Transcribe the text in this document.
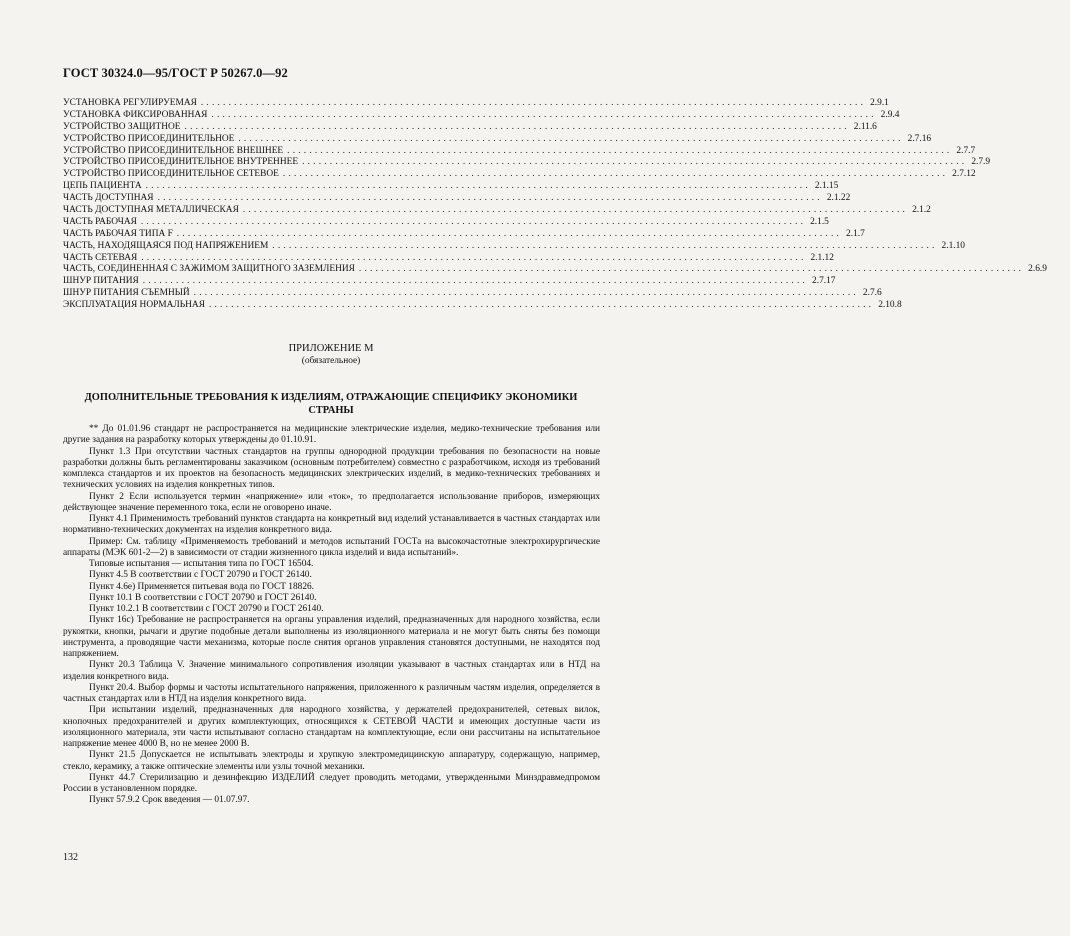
ГОСТ 30324.0—95/ГОСТ Р 50267.0—92
УСТАНОВКА РЕГУЛИРУЕМАЯ ........................................................................................................................ 2.9.1
УСТАНОВКА ФИКСИРОВАННАЯ ........................................................................................................................ 2.9.4
УСТРОЙСТВО ЗАЩИТНОЕ ........................................................................................................................ 2.11.6
УСТРОЙСТВО ПРИСОЕДИНИТЕЛЬНОЕ ........................................................................................................................ 2.7.16
УСТРОЙСТВО ПРИСОЕДИНИТЕЛЬНОЕ ВНЕШНЕЕ ........................................................................................................................ 2.7.7
УСТРОЙСТВО ПРИСОЕДИНИТЕЛЬНОЕ ВНУТРЕННЕЕ ........................................................................................................................ 2.7.9
УСТРОЙСТВО ПРИСОЕДИНИТЕЛЬНОЕ СЕТЕВОЕ ........................................................................................................................ 2.7.12
ЦЕПЬ ПАЦИЕНТА ........................................................................................................................ 2.1.15
ЧАСТЬ ДОСТУПНАЯ ........................................................................................................................ 2.1.22
ЧАСТЬ ДОСТУПНАЯ МЕТАЛЛИЧЕСКАЯ ........................................................................................................................ 2.1.2
ЧАСТЬ РАБОЧАЯ ........................................................................................................................ 2.1.5
ЧАСТЬ РАБОЧАЯ ТИПА F ........................................................................................................................ 2.1.7
ЧАСТЬ, НАХОДЯЩАЯСЯ ПОД НАПРЯЖЕНИЕМ ........................................................................................................................ 2.1.10
ЧАСТЬ СЕТЕВАЯ ........................................................................................................................ 2.1.12
ЧАСТЬ, СОЕДИНЕННАЯ С ЗАЖИМОМ ЗАЩИТНОГО ЗАЗЕМЛЕНИЯ ........................................................................................................................ 2.6.9
ШНУР ПИТАНИЯ ........................................................................................................................ 2.7.17
ШНУР ПИТАНИЯ СЪЕМНЫЙ ........................................................................................................................ 2.7.6
ЭКСПЛУАТАЦИЯ НОРМАЛЬНАЯ ........................................................................................................................ 2.10.8
ПРИЛОЖЕНИЕ М
(обязательное)
ДОПОЛНИТЕЛЬНЫЕ ТРЕБОВАНИЯ К ИЗДЕЛИЯМ, ОТРАЖАЮЩИЕ СПЕЦИФИКУ ЭКОНОМИКИ СТРАНЫ

** До 01.01.96 стандарт не распространяется на медицинские электрические изделия, медико-технические требования или другие задания на разработку которых утверждены до 01.10.91.

Пункт 1.3 При отсутствии частных стандартов на группы однородной продукции требования по безопасности на новые разработки должны быть регламентированы заказчиком (основным потребителем) совместно с разработчиком, исходя из требований комплекса стандартов и их проектов на безопасность медицинских электрических изделий, в медико-технических требованиях и технических условиях на изделия конкретных типов.

Пункт 2 Если используется термин «напряжение» или «ток», то предполагается использование приборов, измеряющих действующее значение переменного тока, если не оговорено иначе.

Пункт 4.1 Применимость требований пунктов стандарта на конкретный вид изделий устанавливается в частных стандартах или нормативно-технических документах на изделия конкретного вида.

Пример: См. таблицу «Применяемость требований и методов испытаний ГОСТа на высокочастотные электрохирургические аппараты (МЭК 601-2—2) в зависимости от стадии жизненного цикла изделий и вида испытаний».

Типовые испытания — испытания типа по ГОСТ 16504.

Пункт 4.5 В соответствии с ГОСТ 20790 и ГОСТ 26140.

Пункт 4.6е) Применяется питьевая вода по ГОСТ 18826.

Пункт 10.1 В соответствии с ГОСТ 20790 и ГОСТ 26140.

Пункт 10.2.1 В соответствии с ГОСТ 20790 и ГОСТ 26140.

Пункт 16с) Требование не распространяется на органы управления изделий, предназначенных для народного хозяйства, если рукоятки, кнопки, рычаги и другие подобные детали выполнены из изоляционного материала и не могут быть сняты без помощи инструмента, а проводящие части механизма, которые после снятия органов управления становятся доступными, не находятся под напряжением.

Пункт 20.3 Таблица V. Значение минимального сопротивления изоляции указывают в частных стандартах или в НТД на изделия конкретного вида.

Пункт 20.4. Выбор формы и частоты испытательного напряжения, приложенного к различным частям изделия, определяется в частных стандартах или в НТД на изделия конкретного вида.

При испытании изделий, предназначенных для народного хозяйства, у держателей предохранителей, сетевых вилок, кнопочных предохранителей и других комплектующих, относящихся к СЕТЕВОЙ ЧАСТИ и имеющих доступные части из изоляционного материала, эти части испытывают согласно стандартам на комплектующие, если они рассчитаны на испытательное напряжение менее 4000 В, но не менее 2000 В.

Пункт 21.5 Допускается не испытывать электроды и хрупкую электромедицинскую аппаратуру, содержащую, например, стекло, керамику, а также оптические элементы или узлы точной механики.

Пункт 44.7 Стерилизацию и дезинфекцию ИЗДЕЛИЙ следует проводить методами, утвержденными Минздравмедпромом России в установленном порядке.

Пункт 57.9.2 Срок введения — 01.07.97.

132
